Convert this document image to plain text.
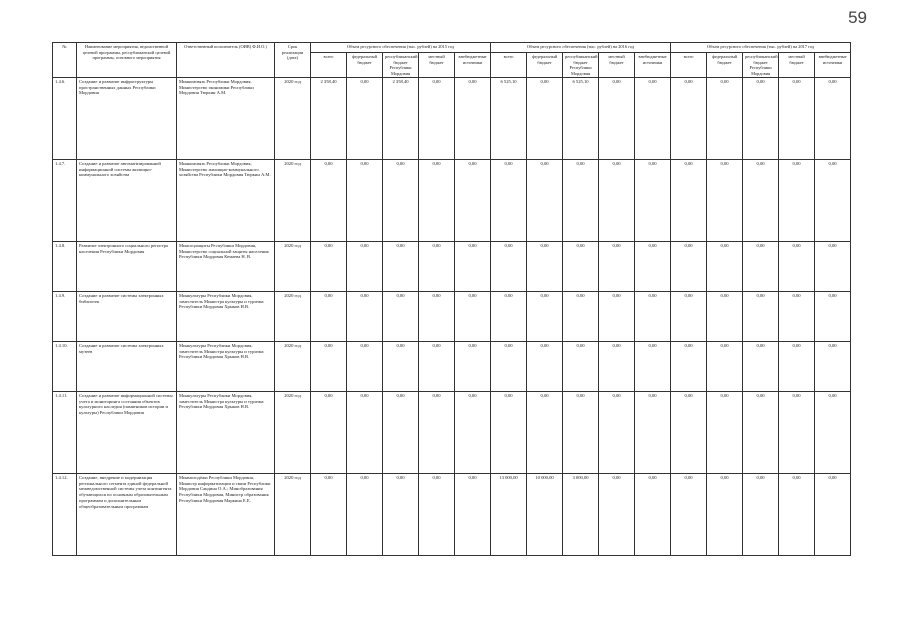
59
№	Наименование мероприятия, ведомственной целевой программы, республиканской целевой программы, основного мероприятия	Ответственный исполнитель (ОИВ) Ф.И.О.)	Срок реализации (дата)	Объем ресурсного обеспечения (тыс. рублей) на 2015 год					Объем ресурсного обеспечения (тыс. рублей) на 2016 год					Объем ресурсного обеспечения (тыс. рублей) на 2017 год				
				всего	федеральный бюджет	республиканский бюджет Республики Мордовия	местный бюджет	внебюджетные источники	всего	федеральный бюджет	республиканский бюджет Республики Мордовия	местный бюджет	внебюджетные источники	всего	федеральный бюджет	республиканский бюджет Республики Мордовия	местный бюджет	внебюджетные источники
1.4.6.	Создание и развитие инфраструктуры пространственных данных Республики Мордовия	Минкомсвязь Республики Мордовия, Министерство экономики Республики Мордовия Тюркин А.М.	2020 год	2 358,40	0,00	2 358,40	0,00	0,00	6 525,10	0,00	6 525,10	0,00	0,00	0,00	0,00	0,00	0,00	0,00
1.4.7.	Создание и развитие автоматизированной информационной системы жилищно-коммунального хозяйства	Минкомсвязь Республики Мордовия, Министерство жилищно-коммунального хозяйства Республики Мордовия Тюркин А.М.	2020 год	0,00	0,00	0,00	0,00	0,00	0,00	0,00	0,00	0,00	0,00	0,00	0,00	0,00	0,00	0,00
1.4.8.	Развитие электронного социального регистра населения Республики Мордовия	Минсоцзащиты Республики Мордовия, Министерство социальной защиты населения Республики Мордовия Кемаева Н. В.	2020 год	0,00	0,00	0,00	0,00	0,00	0,00	0,00	0,00	0,00	0,00	0,00	0,00	0,00	0,00	0,00
1.4.9.	Создание и развитие системы электронных библиотек	Минкультуры Республики Мордовия, заместитель Министра культуры и туризма Республики Мордовия Хрыков Н.В.	2020 год	0,00	0,00	0,00	0,00	0,00	0,00	0,00	0,00	0,00	0,00	0,00	0,00	0,00	0,00	0,00
1.4.10.	Создание и развитие системы электронных музеев	Минкультуры Республики Мордовия, заместитель Министра культуры и туризма Республики Мордовия Хрыков Н.В.	2020 год	0,00	0,00	0,00	0,00	0,00	0,00	0,00	0,00	0,00	0,00	0,00	0,00	0,00	0,00	0,00
1.4.11.	Создание и развитие информационной системы учета и мониторинга состояния объектов культурного наследия (памятников истории и культуры) Республики Мордовия	Минкультуры Республики Мордовия, заместитель Министра культуры и туризма Республики Мордовия Хрыков Н.В.	2020 год	0,00	0,00	0,00	0,00	0,00	0,00	0,00	0,00	0,00	0,00	0,00	0,00	0,00	0,00	0,00
1.4.12.	Создание, внедрение и модернизация регионального сегмента единой федеральной межведомственной системы учета контингента обучающихся по основным образовательным программам и дополнительным общеобразовательным программам	Минмолодёжи Республики Мордовия, Министр информатизации и связи Республики Мордовия Сандина О.А.; Минобразования Республики Мордовия, Министр образования Республики Мордовия Маркина Е.Е.	2020 год	0,00	0,00	0,00	0,00	0,00	13 000,00	10 000,00	3 000,00	0,00	0,00	0,00	0,00	0,00	0,00	0,00
